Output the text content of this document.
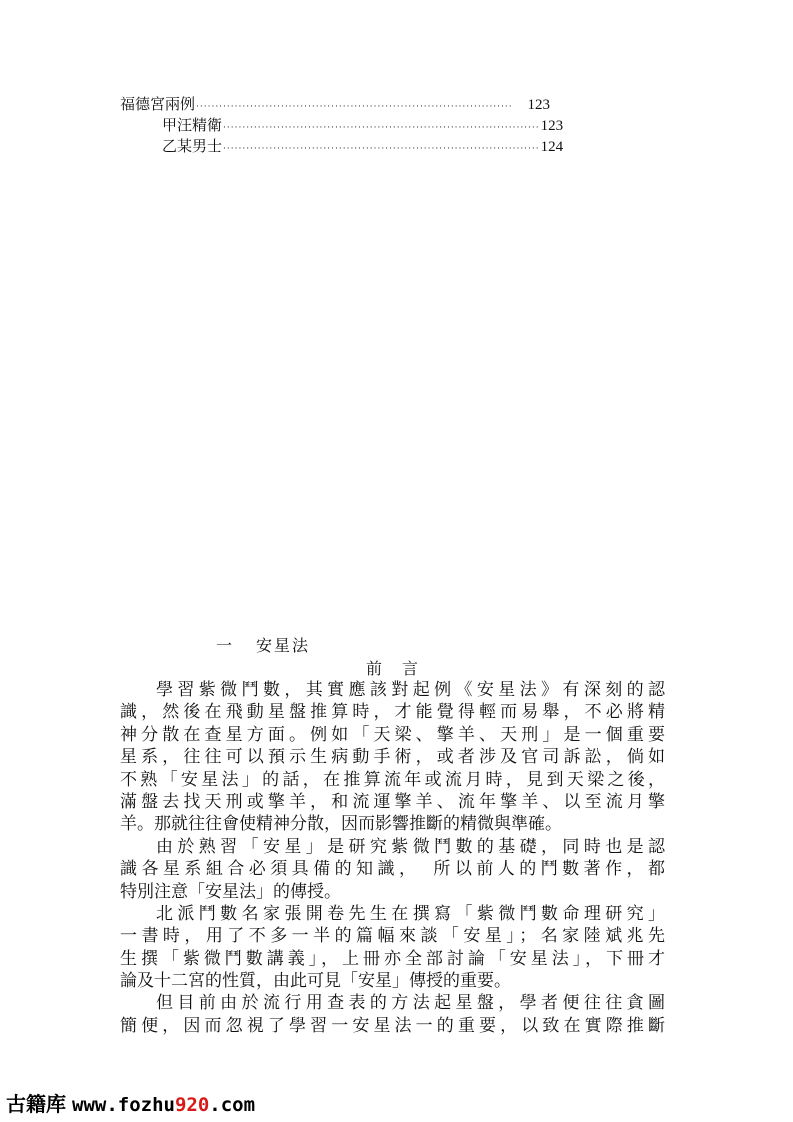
福德宮兩例 ·················································································· 123
甲 汪精衛 ·················································································· 123
乙 某男士 ·················································································· 124
一 安星法
前言
學習紫微鬥數，其實應該對起例《安星法》有深刻的認
識，然後在飛動星盤推算時，才能覺得輕而易舉，不必將精
神分散在查星方面。例如「天梁、擎羊、天刑」是一個重要
星系，往往可以預示生病動手術，或者涉及官司訴訟，倘如
不熟「安星法」的話，在推算流年或流月時，見到天梁之後，
滿盤去找天刑或擎羊，和流運擎羊、流年擎羊、以至流月擎
羊。那就往往會使精神分散，因而影響推斷的精微與準確。
由於熟習「安星」是研究紫微鬥數的基礎，同時也是認
識各星系組合必須具備的知識，　所以前人的鬥數著作，都
特別注意「安星法」的傳授。
北派鬥數名家張開卷先生在撰寫「紫微鬥數命理研究」
一書時，用了不多一半的篇幅來談「安星」；名家陸斌兆先
生撰「紫微鬥數講義」，上冊亦全部討論「安星法」，下冊才
論及十二宮的性質，由此可見「安星」傳授的重要。
但目前由於流行用查表的方法起星盤，學者便往往貪圖
簡便，因而忽視了學習一安星法一的重要，以致在實際推斷
古籍库 www.fozhu920.com
